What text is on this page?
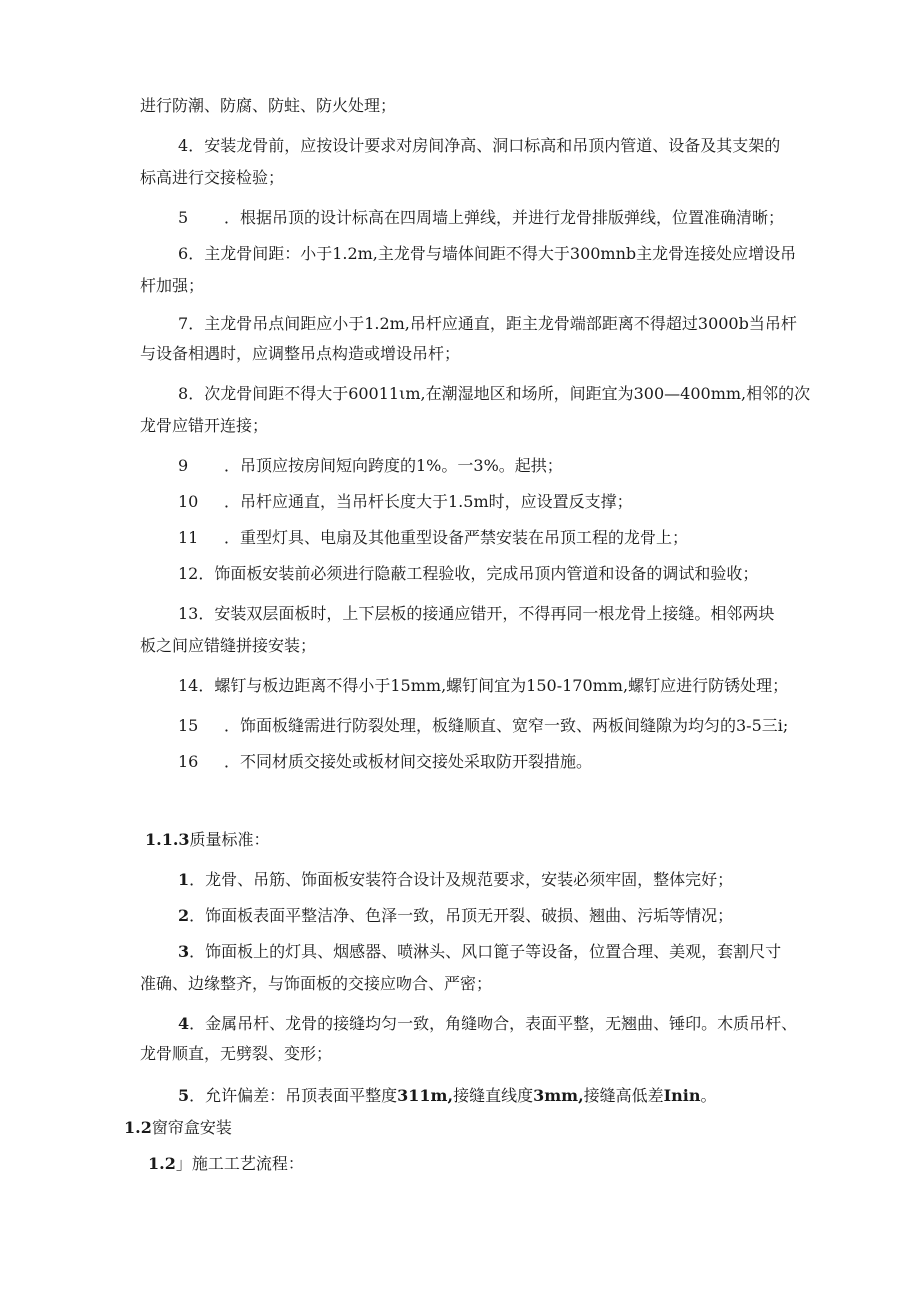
进行防潮、防腐、防蛀、防火处理；
4．安装龙骨前，应按设计要求对房间净高、洞口标高和吊顶内管道、设备及其支架的
标高进行交接检验；
5 ．根据吊顶的设计标高在四周墙上弹线，并进行龙骨排版弹线，位置准确清晰；
6．主龙骨间距：小于1.2m,主龙骨与墙体间距不得大于300mnb主龙骨连接处应增设吊
杆加强；
7．主龙骨吊点间距应小于1.2m,吊杆应通直，距主龙骨端部距离不得超过3000b当吊杆
与设备相遇时，应调整吊点构造或增设吊杆；
8．次龙骨间距不得大于60011ιm,在潮湿地区和场所，间距宜为300—400mm,相邻的次
龙骨应错开连接；
9 ．吊顶应按房间短向跨度的1%。一3%。起拱；
10 ．吊杆应通直，当吊杆长度大于1.5m时，应设置反支撑；
11 ．重型灯具、电扇及其他重型设备严禁安装在吊顶工程的龙骨上；
12．饰面板安装前必须进行隐蔽工程验收，完成吊顶内管道和设备的调试和验收；
13．安装双层面板时，上下层板的接通应错开，不得再同一根龙骨上接缝。相邻两块
板之间应错缝拼接安装；
14．螺钉与板边距离不得小于15mm,螺钉间宜为150-170mm,螺钉应进行防锈处理；
15 ．饰面板缝需进行防裂处理，板缝顺直、宽窄一致、两板间缝隙为均匀的3-5三i;
16 ．不同材质交接处或板材间交接处采取防开裂措施。
1.1.3质量标准：
1．龙骨、吊筋、饰面板安装符合设计及规范要求，安装必须牢固，整体完好；
2．饰面板表面平整洁净、色泽一致，吊顶无开裂、破损、翘曲、污垢等情况；
3．饰面板上的灯具、烟感器、喷淋头、风口篦子等设备，位置合理、美观，套割尺寸
准确、边缘整齐，与饰面板的交接应吻合、严密；
4．金属吊杆、龙骨的接缝均匀一致，角缝吻合，表面平整，无翘曲、锤印。木质吊杆、
龙骨顺直，无劈裂、变形；
5．允许偏差：吊顶表面平整度311m,接缝直线度3mm,接缝高低差Inin。
1.2窗帘盒安装
1.2」施工工艺流程：
